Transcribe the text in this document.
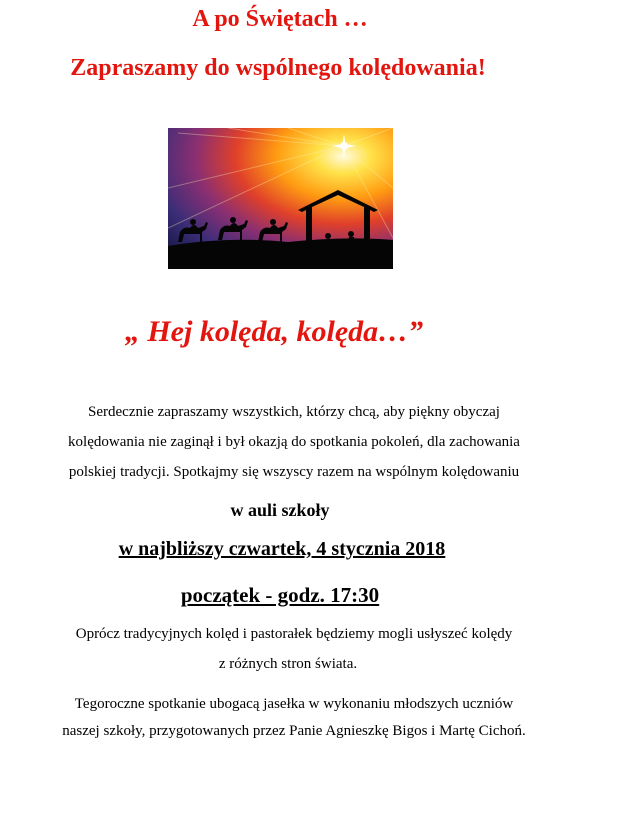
A po Świętach …
Zapraszamy do wspólnego kolędowania!
„ Hej kolęda, kolęda…”
Serdecznie zapraszamy wszystkich, którzy chcą, aby piękny obyczaj
kolędowania nie zaginął i był okazją do spotkania pokoleń, dla zachowania
polskiej tradycji. Spotkajmy się wszyscy razem na wspólnym kolędowaniu
w auli szkoły
w najbliższy czwartek, 4 stycznia 2018
początek - godz. 17:30
Oprócz tradycyjnych kolęd i pastorałek będziemy mogli usłyszeć kolędy
z różnych stron świata.
Tegoroczne spotkanie ubogacą jasełka w wykonaniu młodszych uczniów
naszej szkoły, przygotowanych przez Panie Agnieszkę Bigos i Martę Cichoń.
